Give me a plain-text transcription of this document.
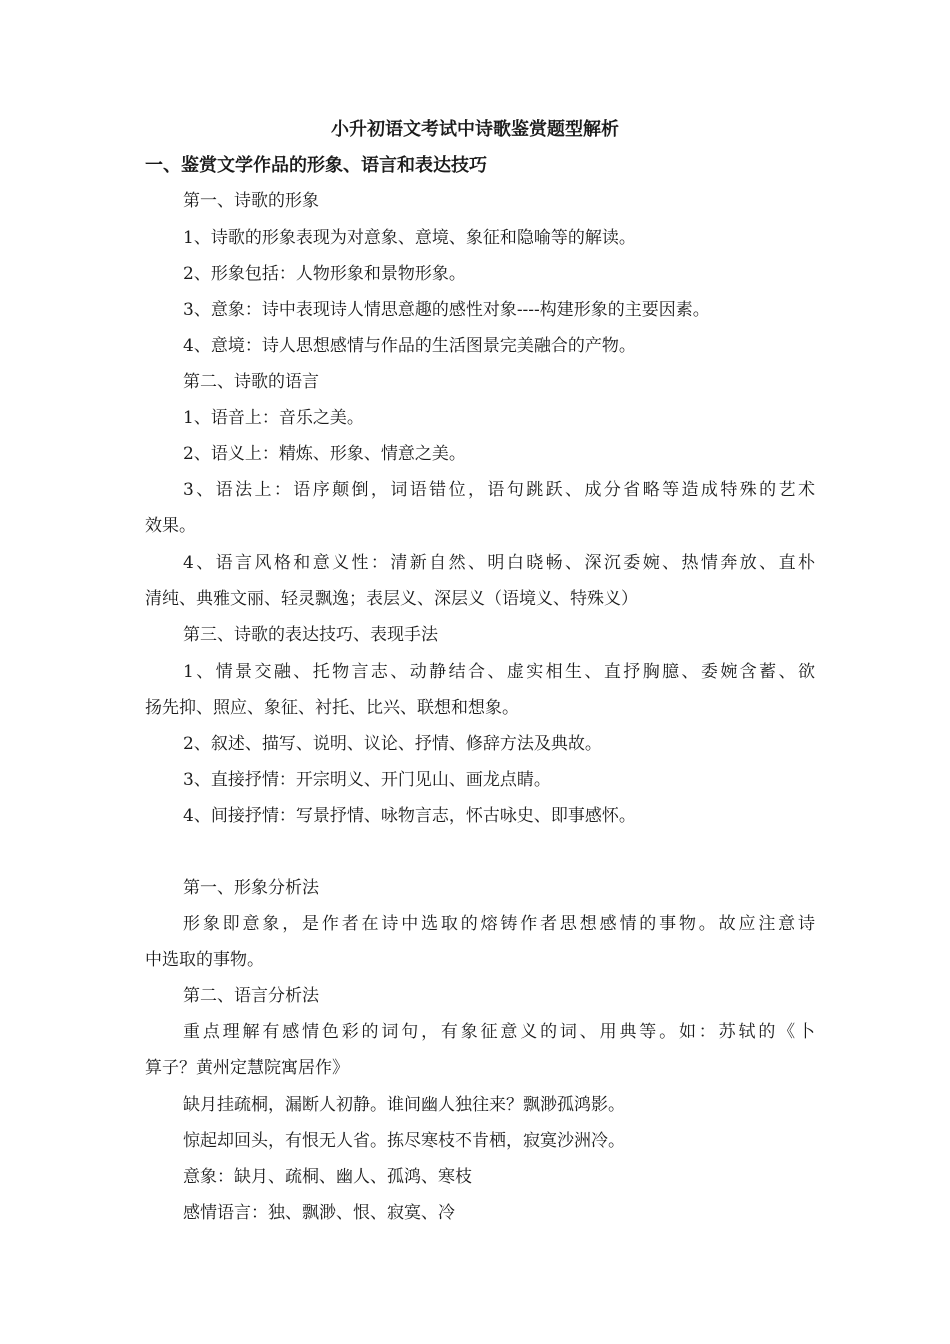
小升初语文考试中诗歌鉴赏题型解析
一、鉴赏文学作品的形象、语言和表达技巧
第一、诗歌的形象
1、诗歌的形象表现为对意象、意境、象征和隐喻等的解读。
2、形象包括：人物形象和景物形象。
3、意象：诗中表现诗人情思意趣的感性对象----构建形象的主要因素。
4、意境：诗人思想感情与作品的生活图景完美融合的产物。
第二、诗歌的语言
1、语音上：音乐之美。
2、语义上：精炼、形象、情意之美。
3、语法上：语序颠倒，词语错位，语句跳跃、成分省略等造成特殊的艺术
效果。
4、语言风格和意义性：清新自然、明白晓畅、深沉委婉、热情奔放、直朴
清纯、典雅文丽、轻灵飘逸；表层义、深层义（语境义、特殊义）
第三、诗歌的表达技巧、表现手法
1、情景交融、托物言志、动静结合、虚实相生、直抒胸臆、委婉含蓄、欲
扬先抑、照应、象征、衬托、比兴、联想和想象。
2、叙述、描写、说明、议论、抒情、修辞方法及典故。
3、直接抒情：开宗明义、开门见山、画龙点睛。
4、间接抒情：写景抒情、咏物言志，怀古咏史、即事感怀。
第一、形象分析法
形象即意象，是作者在诗中选取的熔铸作者思想感情的事物。故应注意诗
中选取的事物。
第二、语言分析法
重点理解有感情色彩的词句，有象征意义的词、用典等。如：苏轼的《卜
算子？黄州定慧院寓居作》
缺月挂疏桐，漏断人初静。谁间幽人独往来？飘渺孤鸿影。
惊起却回头，有恨无人省。拣尽寒枝不肯栖，寂寞沙洲冷。
意象：缺月、疏桐、幽人、孤鸿、寒枝
感情语言：独、飘渺、恨、寂寞、冷
